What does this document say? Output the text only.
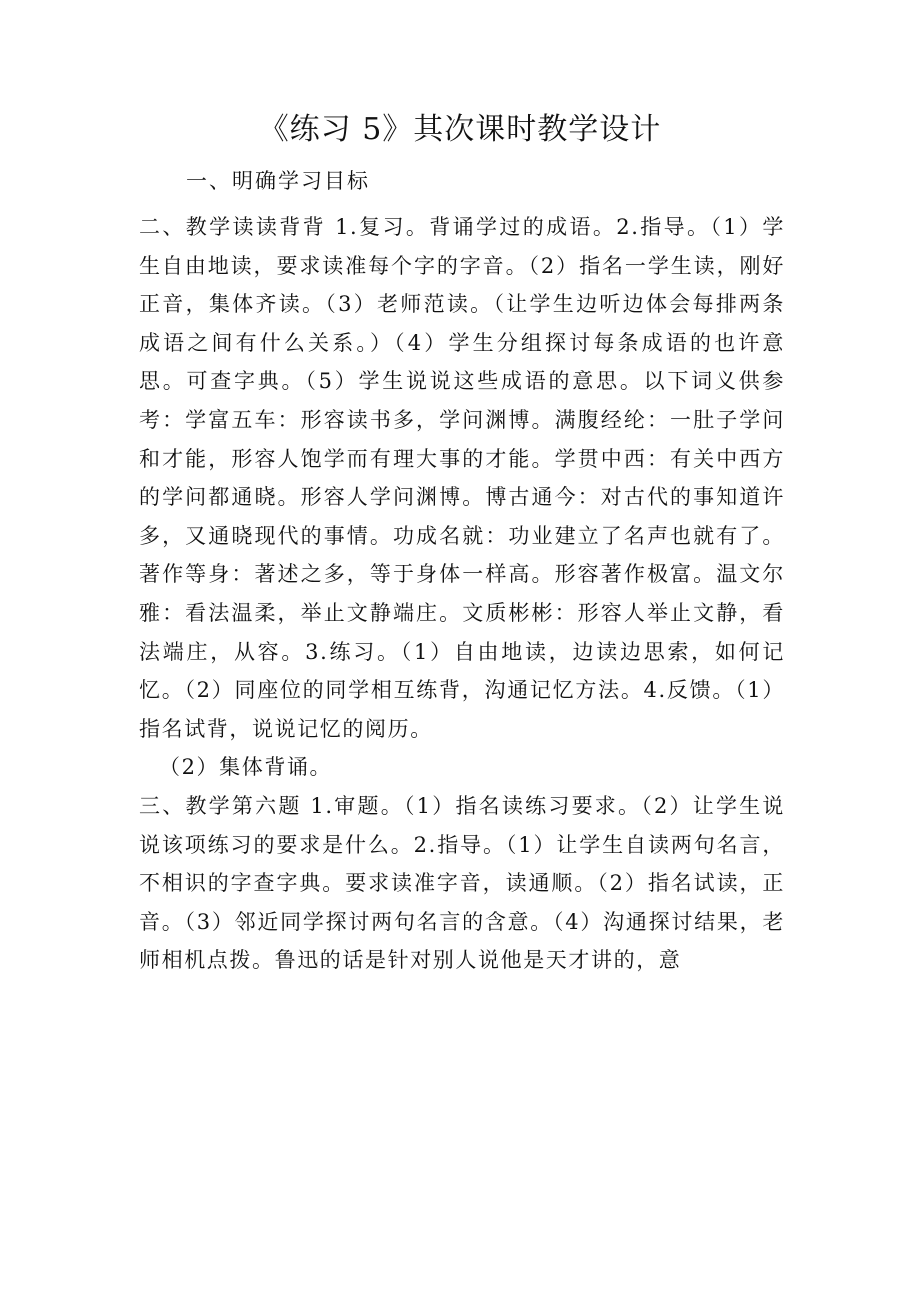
《练习 5》其次课时教学设计
一、明确学习目标

二、教学读读背背 1.复习。背诵学过的成语。2.指导。（1）学生自由地读，要求读准每个字的字音。（2）指名一学生读，刚好正音，集体齐读。（3）老师范读。（让学生边听边体会每排两条成语之间有什么关系。）（4）学生分组探讨每条成语的也许意思。可查字典。（5）学生说说这些成语的意思。以下词义供参考：学富五车：形容读书多，学问渊博。满腹经纶：一肚子学问和才能，形容人饱学而有理大事的才能。学贯中西：有关中西方的学问都通晓。形容人学问渊博。博古通今：对古代的事知道许多，又通晓现代的事情。功成名就：功业建立了名声也就有了。著作等身：著述之多，等于身体一样高。形容著作极富。温文尔雅：看法温柔，举止文静端庄。文质彬彬：形容人举止文静，看法端庄，从容。3.练习。（1）自由地读，边读边思索，如何记忆。（2）同座位的同学相互练背，沟通记忆方法。4.反馈。（1）指名试背，说说记忆的阅历。

（2）集体背诵。

三、教学第六题 1.审题。（1）指名读练习要求。（2）让学生说说该项练习的要求是什么。2.指导。（1）让学生自读两句名言，不相识的字查字典。要求读准字音，读通顺。（2）指名试读，正音。（3）邻近同学探讨两句名言的含意。（4）沟通探讨结果，老师相机点拨。鲁迅的话是针对别人说他是天才讲的，意
